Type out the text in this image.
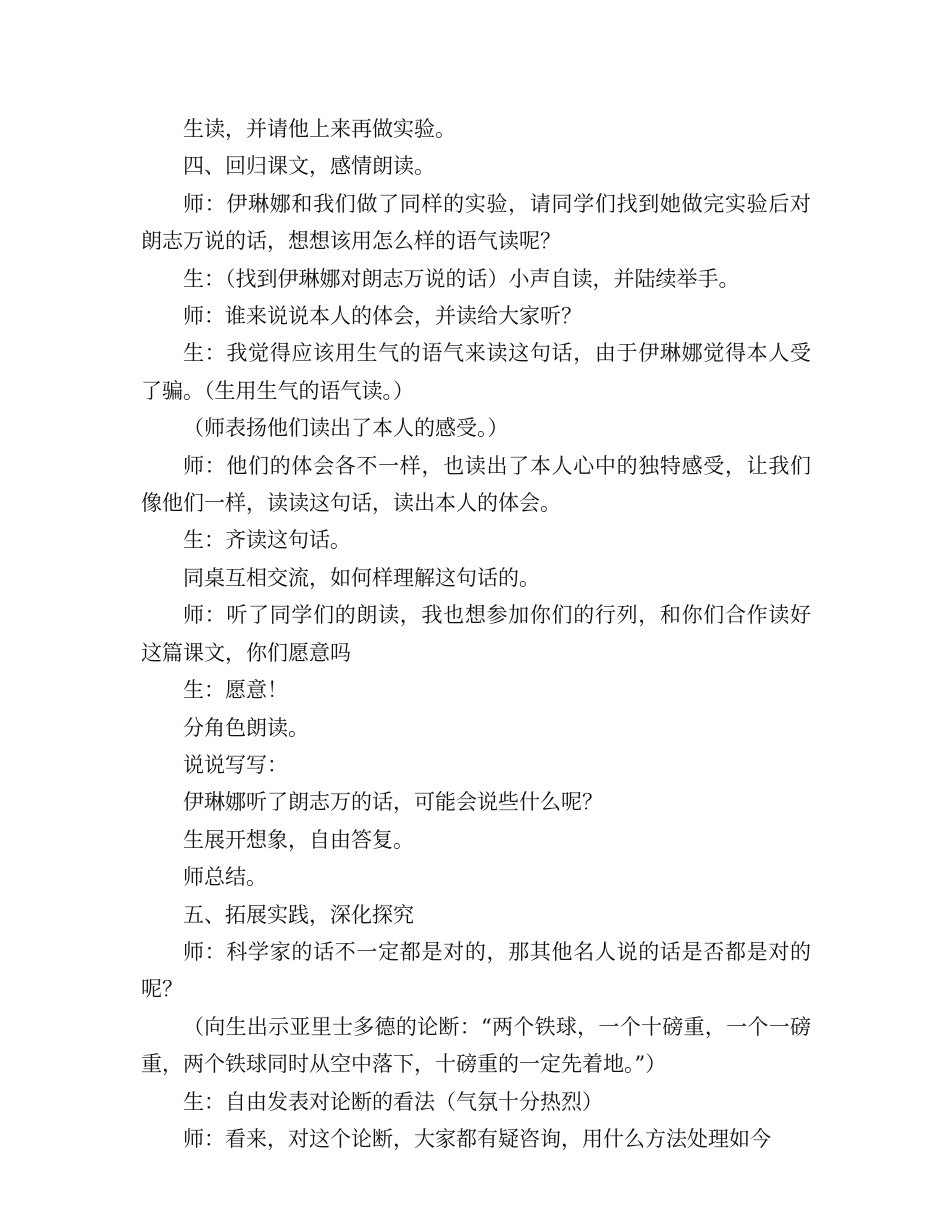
生读，并请他上来再做实验。

四、回归课文，感情朗读。

师：伊琳娜和我们做了同样的实验，请同学们找到她做完实验后对朗志万说的话，想想该用怎么样的语气读呢？

生：（找到伊琳娜对朗志万说的话）小声自读，并陆续举手。

师：谁来说说本人的体会，并读给大家听？

生：我觉得应该用生气的语气来读这句话，由于伊琳娜觉得本人受了骗。（生用生气的语气读。）

（师表扬他们读出了本人的感受。）

师：他们的体会各不一样，也读出了本人心中的独特感受，让我们像他们一样，读读这句话，读出本人的体会。

生：齐读这句话。

同桌互相交流，如何样理解这句话的。

师：听了同学们的朗读，我也想参加你们的行列，和你们合作读好这篇课文，你们愿意吗

生：愿意！

分角色朗读。

说说写写：

伊琳娜听了朗志万的话，可能会说些什么呢？

生展开想象，自由答复。

师总结。

五、拓展实践，深化探究

师：科学家的话不一定都是对的，那其他名人说的话是否都是对的呢？

（向生出示亚里士多德的论断：“两个铁球，一个十磅重，一个一磅重，两个铁球同时从空中落下，十磅重的一定先着地。”）

生：自由发表对论断的看法（气氛十分热烈）

师：看来，对这个论断，大家都有疑咨询，用什么方法处理如今
